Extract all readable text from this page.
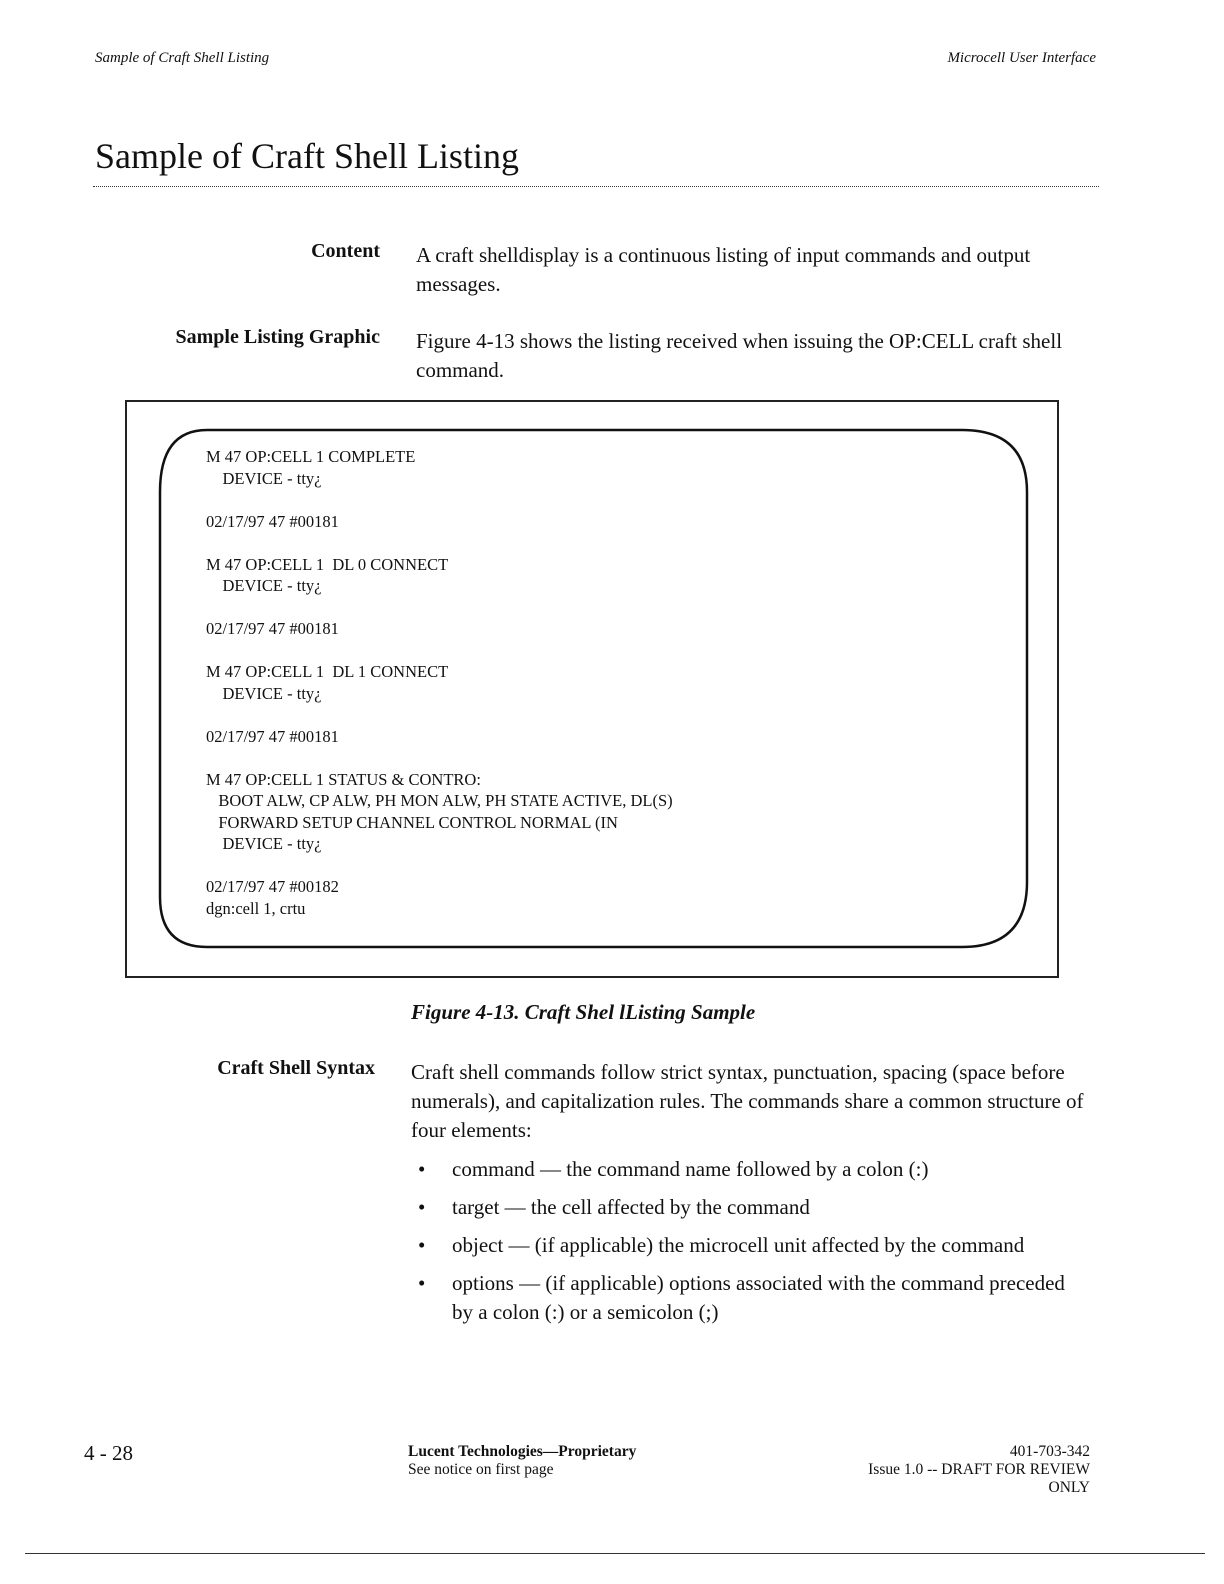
Sample of Craft Shell Listing	Microcell User Interface
Sample of Craft Shell Listing
Content A craft shelldisplay is a continuous listing of input commands and output messages.
Sample Listing Graphic Figure 4-13 shows the listing received when issuing the OP:CELL craft shell command.
M 47 OP:CELL 1 COMPLETE
DEVICE - tty¿
02/17/97 47 #00181
M 47 OP:CELL 1  DL 0 CONNECT
DEVICE - tty¿
02/17/97 47 #00181
M 47 OP:CELL 1  DL 1 CONNECT
DEVICE - tty¿
02/17/97 47 #00181
M 47 OP:CELL 1 STATUS & CONTRO:
BOOT ALW, CP ALW, PH MON ALW, PH STATE ACTIVE, DL(S)
FORWARD SETUP CHANNEL CONTROL NORMAL (IN
DEVICE - tty¿
02/17/97 47 #00182
dgn:cell 1, crtu
Figure 4-13. Craft Shel lListing Sample
Craft Shell Syntax Craft shell commands follow strict syntax, punctuation, spacing (space before numerals), and capitalization rules. The commands share a common structure of four elements:
• command — the command name followed by a colon (:)
• target — the cell affected by the command
• object — (if applicable) the microcell unit affected by the command
• options — (if applicable) options associated with the command preceded by a colon (:) or a semicolon (;)
4 - 28	Lucent Technologies—Proprietary
See notice on first page
401-703-342
Issue 1.0 -- DRAFT FOR REVIEW
ONLY
